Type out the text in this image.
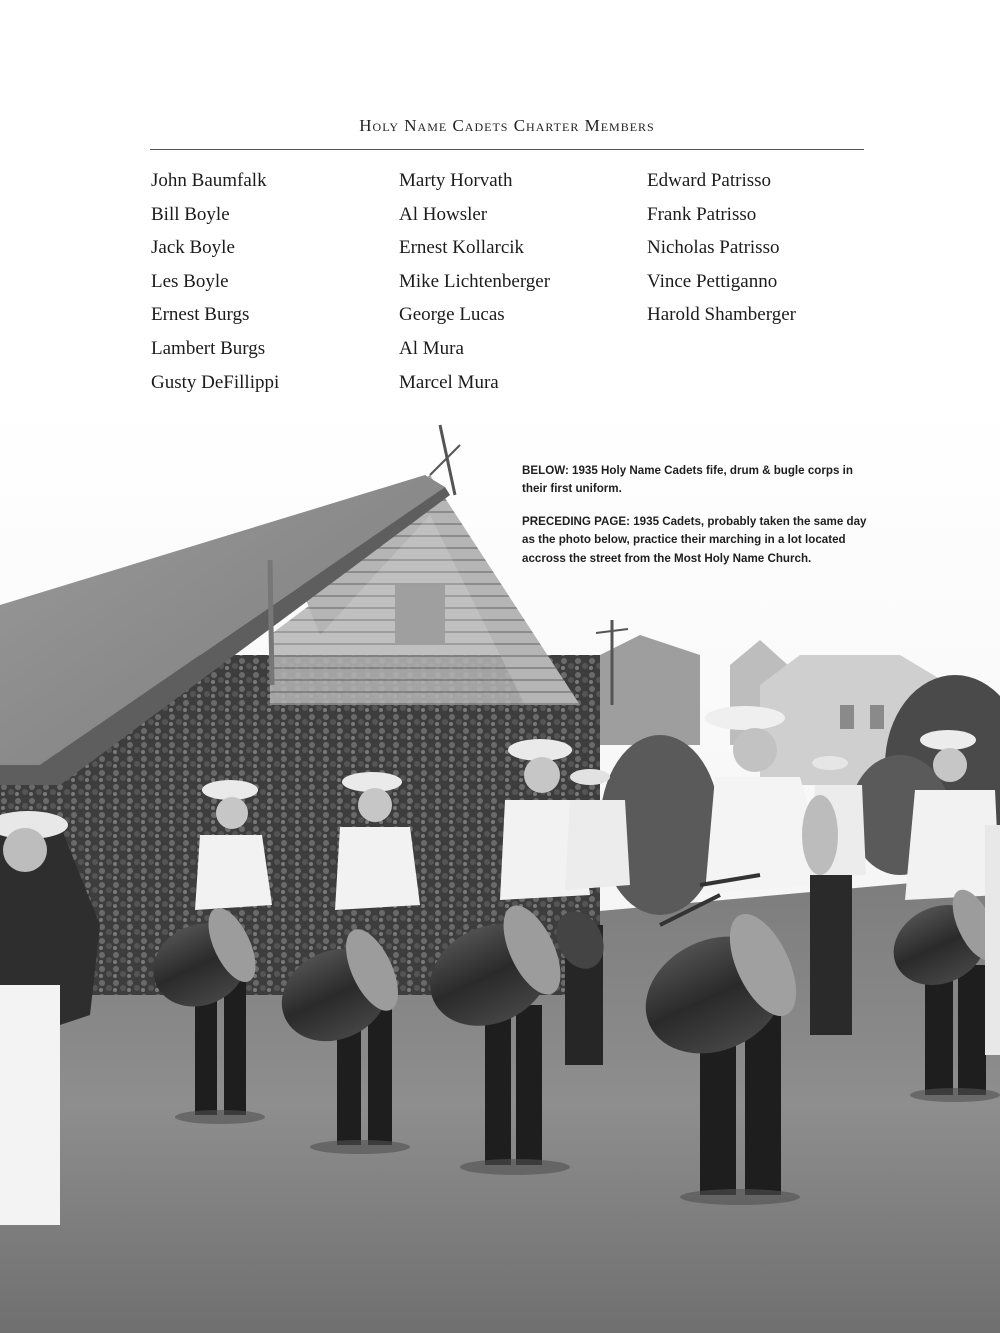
Holy Name Cadets Charter Members
John Baumfalk
Bill Boyle
Jack Boyle
Les Boyle
Ernest Burgs
Lambert Burgs
Gusty DeFillippi
Marty Horvath
Al Howsler
Ernest Kollarcik
Mike Lichtenberger
George Lucas
Al Mura
Marcel Mura
Edward Patrisso
Frank Patrisso
Nicholas Patrisso
Vince Pettiganno
Harold Shamberger

BELOW: 1935 Holy Name Cadets fife, drum & bugle corps in their first uniform.

PRECEDING PAGE: 1935 Cadets, probably taken the same day as the photo below, practice their marching in a lot located accross the street from the Most Holy Name Church.
